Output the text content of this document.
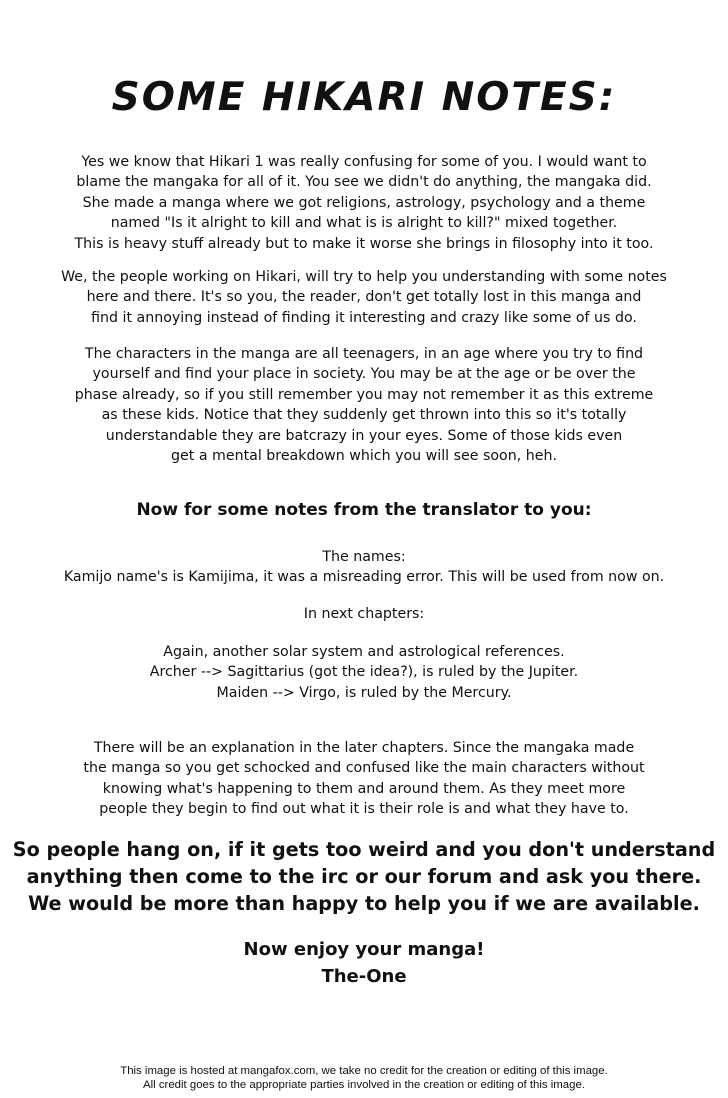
SOME HIKARI NOTES:
Yes we know that Hikari 1 was really confusing for some of you. I would want to
blame the mangaka for all of it. You see we didn't do anything, the mangaka did.
She made a manga where we got religions, astrology, psychology and a theme
named "Is it alright to kill and what is is alright to kill?" mixed together.
This is heavy stuff already but to make it worse she brings in filosophy into it too.
We, the people working on Hikari, will try to help you understanding with some notes
here and there. It's so you, the reader, don't get totally lost in this manga and
find it annoying instead of finding it interesting and crazy like some of us do.
The characters in the manga are all teenagers, in an age where you try to find
yourself and find your place in society. You may be at the age or be over the
phase already, so if you still remember you may not remember it as this extreme
as these kids. Notice that they suddenly get thrown into this so it's totally
understandable they are batcrazy in your eyes. Some of those kids even
get a mental breakdown which you will see soon, heh.
Now for some notes from the translator to you:

The names:

Kamijo name's is Kamijima, it was a misreading error. This will be used from now on.

In next chapters:

Again, another solar system and astrological references.
Archer --> Sagittarius (got the idea?), is ruled by the Jupiter.
Maiden --> Virgo, is ruled by the Mercury.
There will be an explanation in the later chapters. Since the mangaka made
the manga so you get schocked and confused like the main characters without
knowing what's happening to them and around them. As they meet more
people they begin to find out what it is their role is and what they have to.
So people hang on, if it gets too weird and you don't understand
anything then come to the irc or our forum and ask you there.
We would be more than happy to help you if we are available.
Now enjoy your manga!
The-One
This image is hosted at mangafox.com, we take no credit for the creation or editing of this image.
All credit goes to the appropriate parties involved in the creation or editing of this image.
